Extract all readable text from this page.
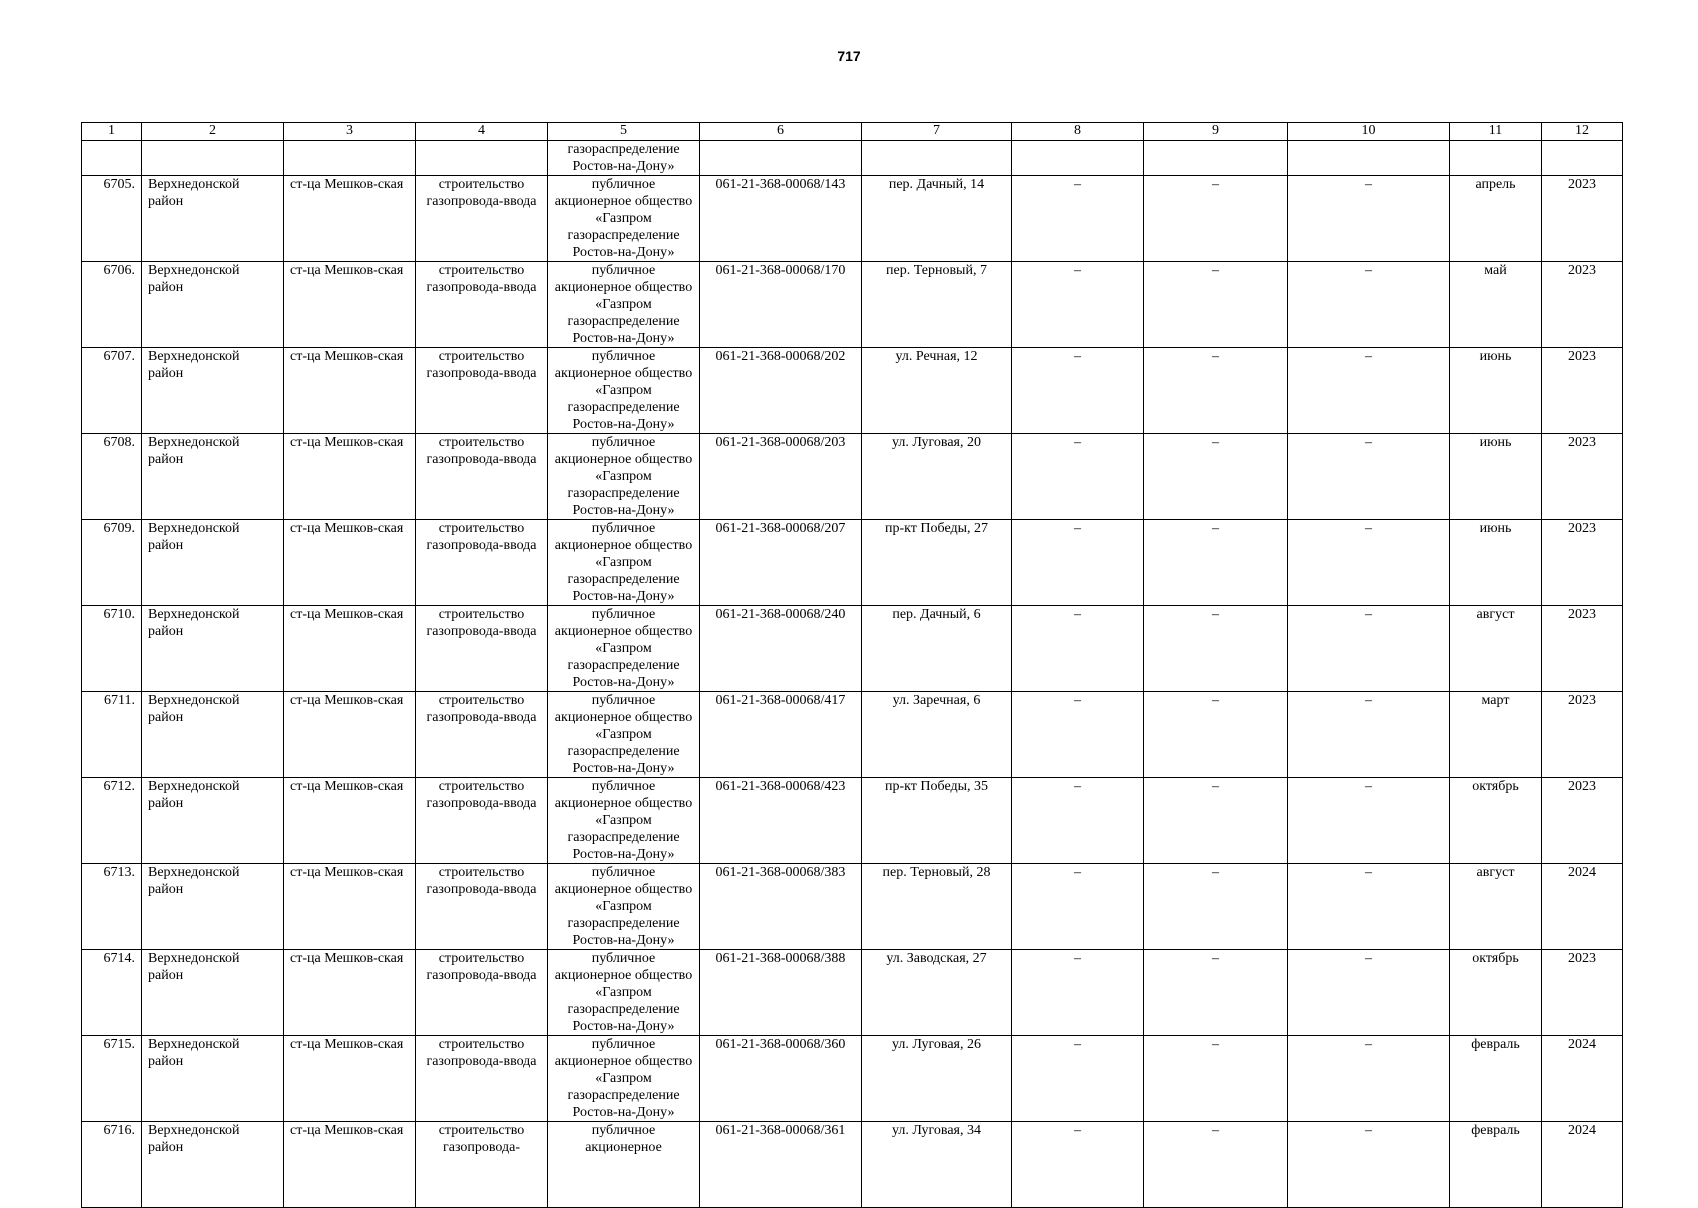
717
1	2	3	4	5	6	7	8	9	10	11	12

				газораспределение
Ростов-на-Дону»							

6705.	Верхнедонской район	ст-ца Мешков-ская	строительство газопровода-ввода	публичное акционерное общество «Газпром газораспределение Ростов-на-Дону»	061-21-368-00068/143	пер. Дачный, 14	–	–	–	апрель	2023
6706.	Верхнедонской район	ст-ца Мешков-ская	строительство газопровода-ввода	публичное акционерное общество «Газпром газораспределение Ростов-на-Дону»	061-21-368-00068/170	пер. Терновый, 7	–	–	–	май	2023
6707.	Верхнедонской район	ст-ца Мешков-ская	строительство газопровода-ввода	публичное акционерное общество «Газпром газораспределение Ростов-на-Дону»	061-21-368-00068/202	ул. Речная, 12	–	–	–	июнь	2023
6708.	Верхнедонской район	ст-ца Мешков-ская	строительство газопровода-ввода	публичное акционерное общество «Газпром газораспределение Ростов-на-Дону»	061-21-368-00068/203	ул. Луговая, 20	–	–	–	июнь	2023
6709.	Верхнедонской район	ст-ца Мешков-ская	строительство газопровода-ввода	публичное акционерное общество «Газпром газораспределение Ростов-на-Дону»	061-21-368-00068/207	пр-кт Победы, 27	–	–	–	июнь	2023
6710.	Верхнедонской район	ст-ца Мешков-ская	строительство газопровода-ввода	публичное акционерное общество «Газпром газораспределение Ростов-на-Дону»	061-21-368-00068/240	пер. Дачный, 6	–	–	–	август	2023
6711.	Верхнедонской район	ст-ца Мешков-ская	строительство газопровода-ввода	публичное акционерное общество «Газпром газораспределение Ростов-на-Дону»	061-21-368-00068/417	ул. Заречная, 6	–	–	–	март	2023
6712.	Верхнедонской район	ст-ца Мешков-ская	строительство газопровода-ввода	публичное акционерное общество «Газпром газораспределение Ростов-на-Дону»	061-21-368-00068/423	пр-кт Победы, 35	–	–	–	октябрь	2023
6713.	Верхнедонской район	ст-ца Мешков-ская	строительство газопровода-ввода	публичное акционерное общество «Газпром газораспределение Ростов-на-Дону»	061-21-368-00068/383	пер. Терновый, 28	–	–	–	август	2024
6714.	Верхнедонской район	ст-ца Мешков-ская	строительство газопровода-ввода	публичное акционерное общество «Газпром газораспределение Ростов-на-Дону»	061-21-368-00068/388	ул. Заводская, 27	–	–	–	октябрь	2023
6715.	Верхнедонской район	ст-ца Мешков-ская	строительство газопровода-ввода	публичное акционерное общество «Газпром газораспределение Ростов-на-Дону»	061-21-368-00068/360	ул. Луговая, 26	–	–	–	февраль	2024
6716.	Верхнедонской район	ст-ца Мешков-ская	строительство газопровода-	публичное акционерное	061-21-368-00068/361	ул. Луговая, 34	–	–	–	февраль	2024
